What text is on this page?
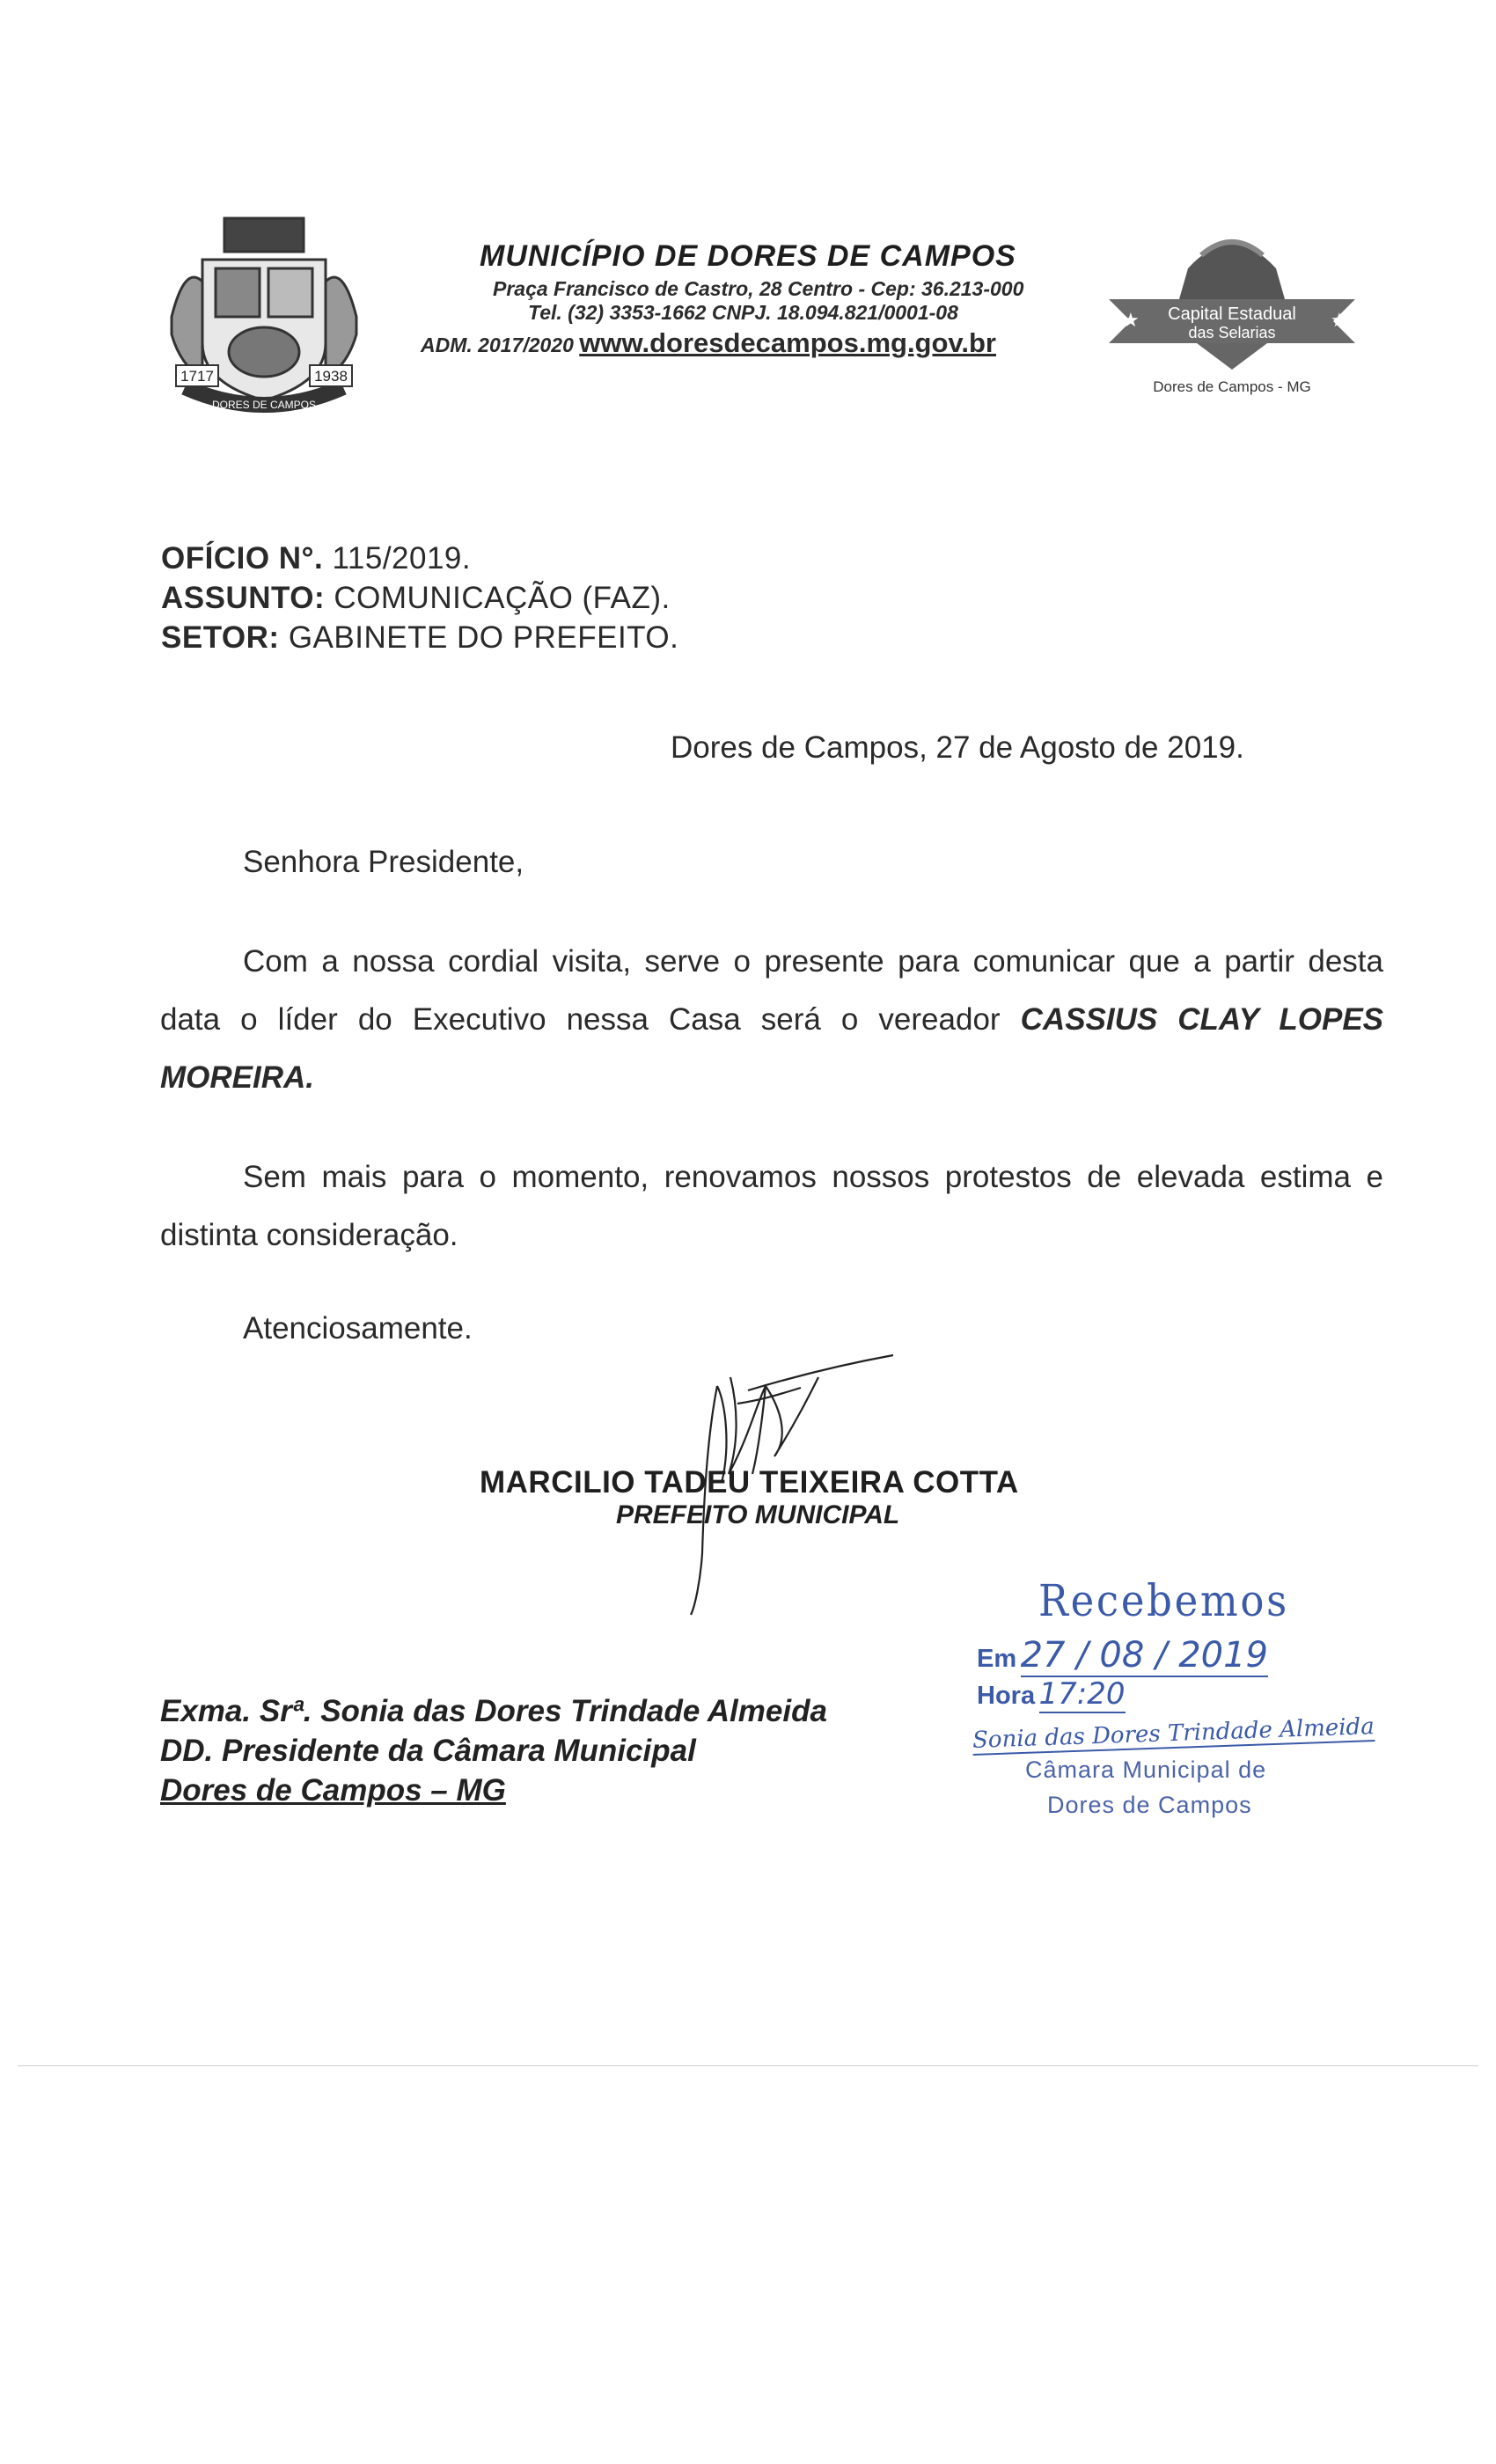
1717	1938
DORES DE CAMPOS
MUNICÍPIO DE DORES DE CAMPOS
Praça Francisco de Castro, 28 Centro - Cep: 36.213-000
Tel. (32) 3353-1662 CNPJ. 18.094.821/0001-08
ADM. 2017/2020 www.doresdecampos.mg.gov.br
Capital Estadual
das Selarias
★	★
Dores de Campos - MG
OFÍCIO N°. 115/2019.
ASSUNTO: COMUNICAÇÃO (FAZ).
SETOR: GABINETE DO PREFEITO.
Dores de Campos, 27 de Agosto de 2019.
Senhora Presidente,
Com a nossa cordial visita, serve o presente para comunicar que a partir desta data o líder do Executivo nessa Casa será o vereador CASSIUS CLAY LOPES MOREIRA.
Sem mais para o momento, renovamos nossos protestos de elevada estima e distinta consideração.
Atenciosamente.
MARCILIO TADEU TEIXEIRA COTTA
PREFEITO MUNICIPAL
Exma. Srª. Sonia das Dores Trindade Almeida
DD. Presidente da Câmara Municipal
Dores de Campos – MG
Recebemos
Em 27 / 08 / 2019
Hora 17:20
Sonia das Dores Trindade Almeida
Câmara Municipal de
Dores de Campos
